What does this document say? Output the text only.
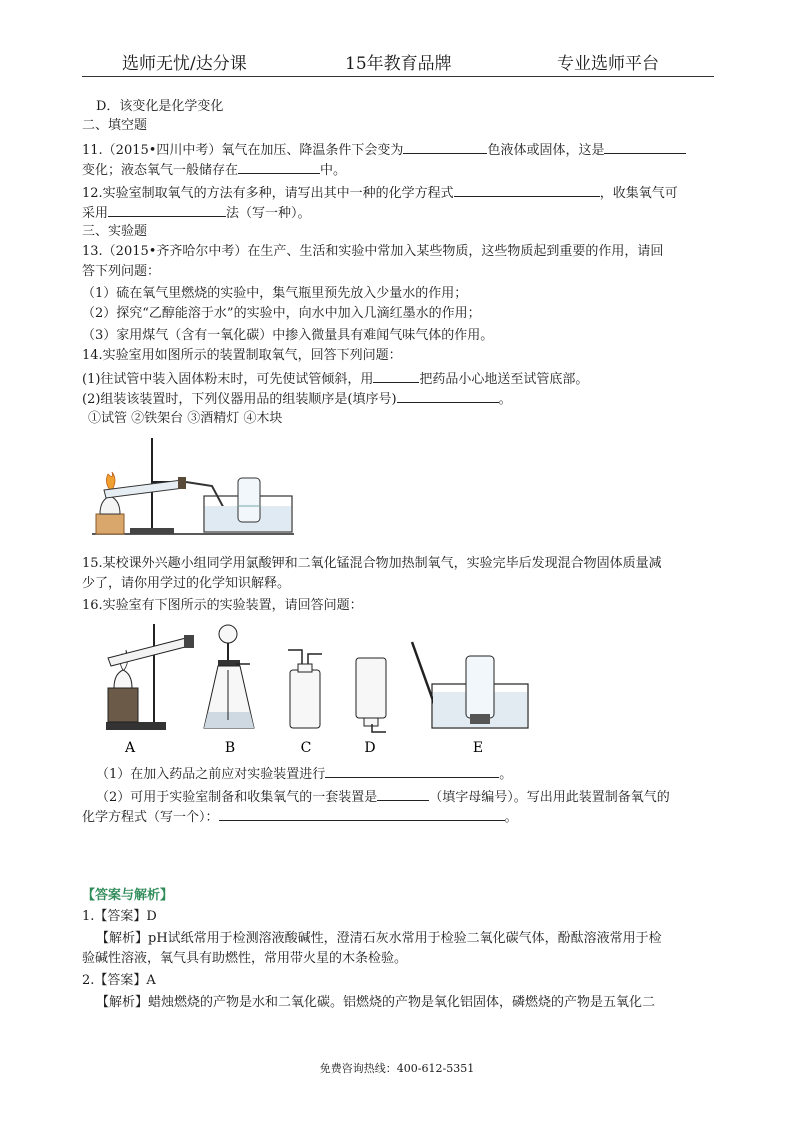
选师无忧/达分课	15年教育品牌	专业选师平台
D．该变化是化学变化
二、填空题
11.（2015•四川中考）氧气在加压、降温条件下会变为	色液体或固体，这是
变化；液态氧气一般储存在	中。
12.实验室制取氧气的方法有多种，请写出其中一种的化学方程式	，收集氧气可
采用	法（写一种）。
三、实验题
13.（2015•齐齐哈尔中考）在生产、生活和实验中常加入某些物质，这些物质起到重要的作用，请回
答下列问题：
（1）硫在氧气里燃烧的实验中，集气瓶里预先放入少量水的作用；
（2）探究“乙醇能溶于水”的实验中，向水中加入几滴红墨水的作用；
（3）家用煤气（含有一氧化碳）中掺入微量具有难闻气味气体的作用。
14.实验室用如图所示的装置制取氧气，回答下列问题：
(1)往试管中装入固体粉末时，可先使试管倾斜，用	把药品小心地送至试管底部。
(2)组装该装置时，下列仪器用品的组装顺序是(填序号)	。
①试管 ②铁架台 ③酒精灯 ④木块
15.某校课外兴趣小组同学用氯酸钾和二氧化锰混合物加热制氧气，实验完毕后发现混合物固体质量减
少了，请你用学过的化学知识解释。
16.实验室有下图所示的实验装置，请回答问题：
A	B	C	D	E
（1）在加入药品之前应对实验装置进行	。
（2）可用于实验室制备和收集氧气的一套装置是	（填字母编号）。写出用此装置制备氧气的
化学方程式（写一个）：	。
【答案与解析】
1.【答案】D
【解析】pH试纸常用于检测溶液酸碱性，澄清石灰水常用于检验二氧化碳气体，酚酞溶液常用于检
验碱性溶液，氧气具有助燃性，常用带火星的木条检验。
2.【答案】A
【解析】蜡烛燃烧的产物是水和二氧化碳。铝燃烧的产物是氧化铝固体，磷燃烧的产物是五氧化二
免费咨询热线：400-612-5351
